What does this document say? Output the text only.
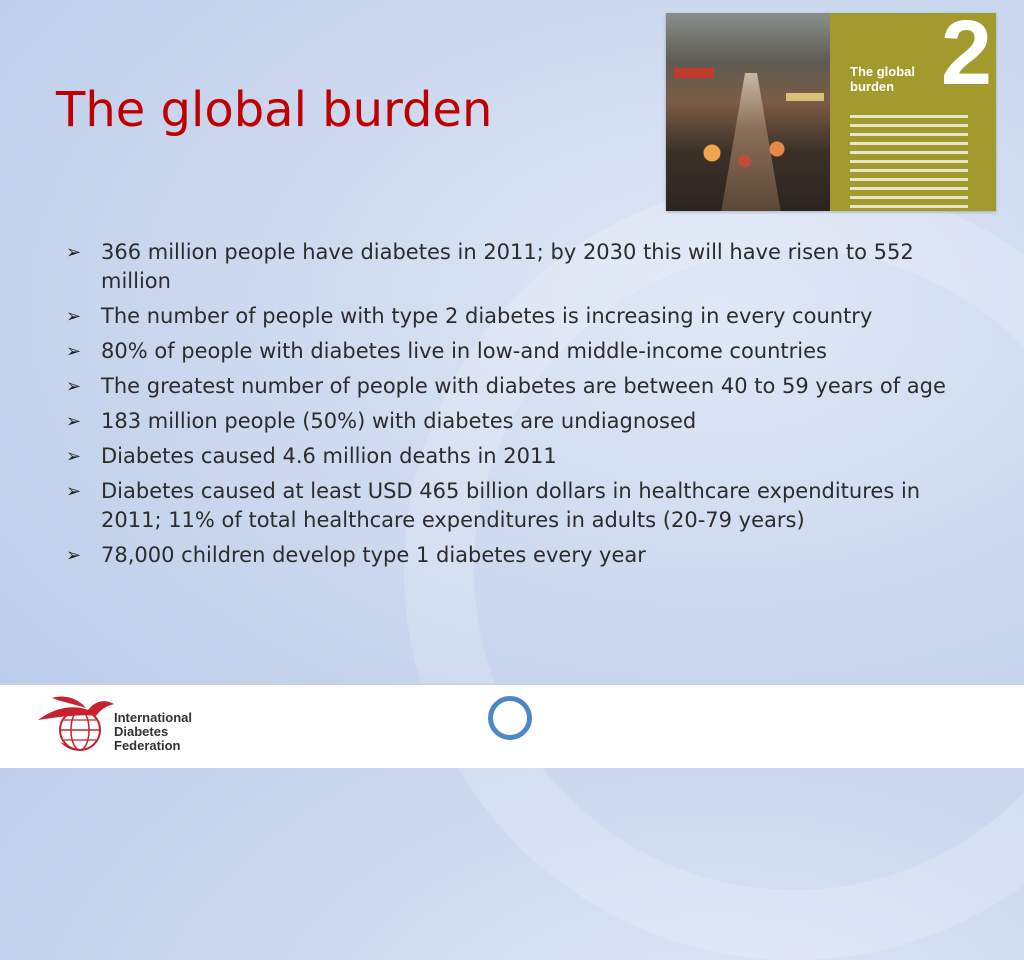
The global burden
2
The global
burden
➢ 366 million people have diabetes in 2011; by 2030 this will have risen to 552 million
➢ The number of people with type 2 diabetes is increasing in every country
➢ 80% of people with diabetes live in low-and middle-income countries
➢ The greatest number of people with diabetes are between 40 to 59 years of age
➢ 183 million people (50%) with diabetes are undiagnosed
➢ Diabetes caused 4.6 million deaths in 2011
➢ Diabetes caused at least USD 465 billion dollars in healthcare expenditures in 2011; 11% of total healthcare expenditures in adults (20-79 years)
➢ 78,000 children develop type 1 diabetes every year
International
Diabetes
Federation
